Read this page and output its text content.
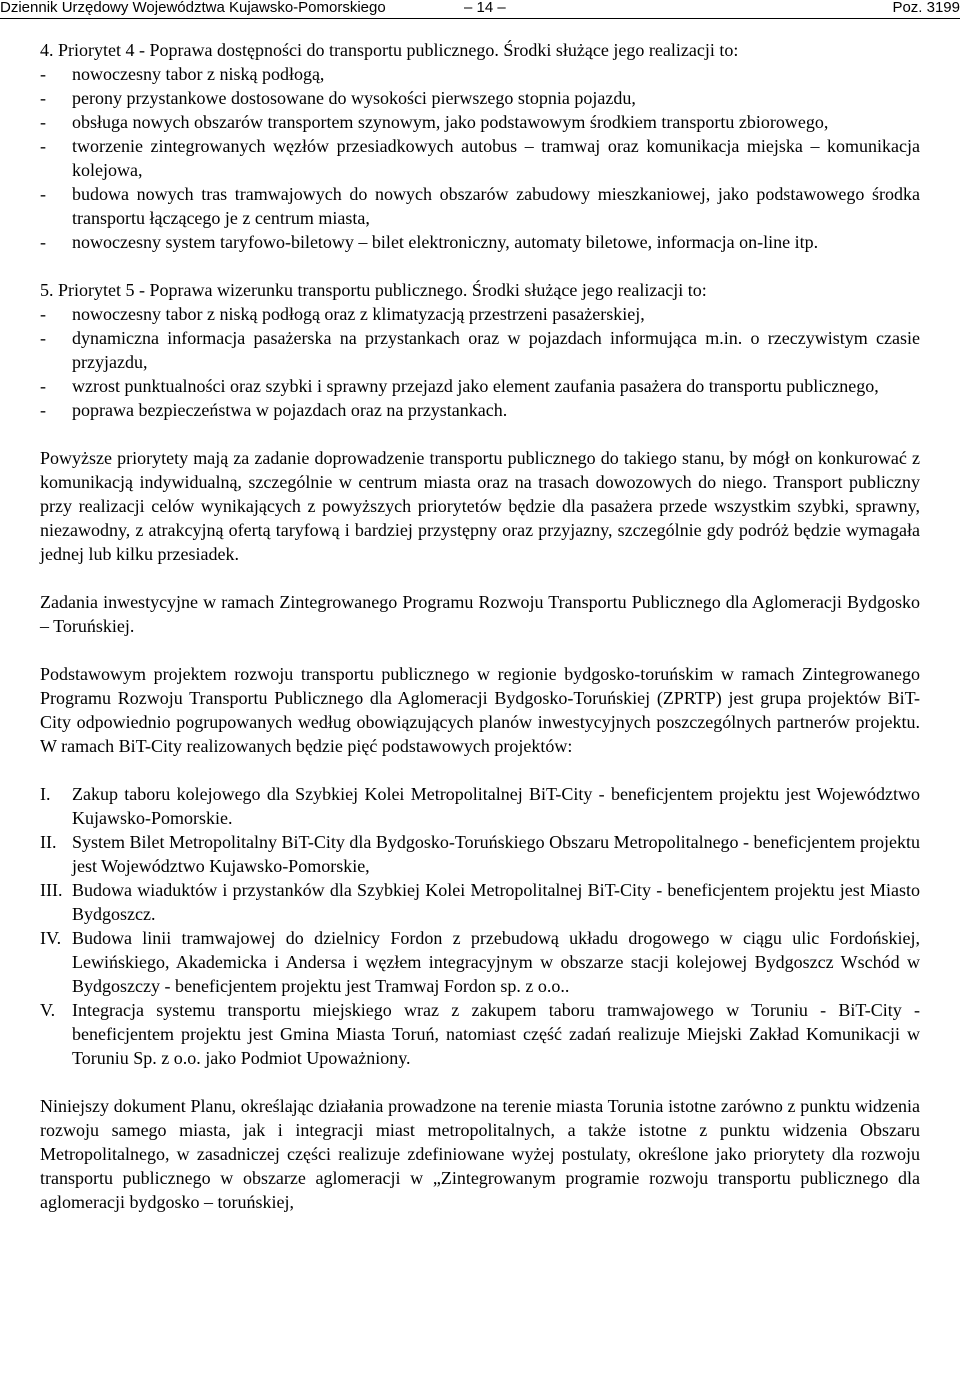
Dziennik Urzędowy Województwa Kujawsko-Pomorskiego	– 14 –	Poz. 3199
4. Priorytet 4 - Poprawa dostępności do transportu publicznego. Środki służące jego realizacji to:
- nowoczesny tabor z niską podłogą,
- perony przystankowe dostosowane do wysokości pierwszego stopnia pojazdu,
- obsługa nowych obszarów transportem szynowym, jako podstawowym środkiem transportu zbiorowego,
- tworzenie zintegrowanych węzłów przesiadkowych autobus – tramwaj oraz komunikacja miejska – komunikacja kolejowa,
- budowa nowych tras tramwajowych do nowych obszarów zabudowy mieszkaniowej, jako podstawowego środka transportu łączącego je z centrum miasta,
- nowoczesny system taryfowo-biletowy – bilet elektroniczny, automaty biletowe, informacja on-line itp.
5. Priorytet 5 - Poprawa wizerunku transportu publicznego. Środki służące jego realizacji to:
- nowoczesny tabor z niską podłogą oraz z klimatyzacją przestrzeni pasażerskiej,
- dynamiczna informacja pasażerska na przystankach oraz w pojazdach informująca m.in. o rzeczywistym czasie przyjazdu,
- wzrost punktualności oraz szybki i sprawny przejazd jako element zaufania pasażera do transportu publicznego,
- poprawa bezpieczeństwa w pojazdach oraz na przystankach.

Powyższe priorytety mają za zadanie doprowadzenie transportu publicznego do takiego stanu, by mógł on konkurować z komunikacją indywidualną, szczególnie w centrum miasta oraz na trasach dowozowych do niego. Transport publiczny przy realizacji celów wynikających z powyższych priorytetów będzie dla pasażera przede wszystkim szybki, sprawny, niezawodny, z atrakcyjną ofertą taryfową i bardziej przystępny oraz przyjazny, szczególnie gdy podróż będzie wymagała jednej lub kilku przesiadek.

Zadania inwestycyjne w ramach Zintegrowanego Programu Rozwoju Transportu Publicznego dla Aglomeracji Bydgosko – Toruńskiej.

Podstawowym projektem rozwoju transportu publicznego w regionie bydgosko-toruńskim w ramach Zintegrowanego Programu Rozwoju Transportu Publicznego dla Aglomeracji Bydgosko-Toruńskiej (ZPRTP) jest grupa projektów BiT-City odpowiednio pogrupowanych według obowiązujących planów inwestycyjnych poszczególnych partnerów projektu. W ramach BiT-City realizowanych będzie pięć podstawowych projektów:

I. Zakup taboru kolejowego dla Szybkiej Kolei Metropolitalnej BiT-City - beneficjentem projektu jest Województwo Kujawsko-Pomorskie.
II. System Bilet Metropolitalny BiT-City dla Bydgosko-Toruńskiego Obszaru Metropolitalnego - beneficjentem projektu jest Województwo Kujawsko-Pomorskie,
III. Budowa wiaduktów i przystanków dla Szybkiej Kolei Metropolitalnej BiT-City - beneficjentem projektu jest Miasto Bydgoszcz.
IV. Budowa linii tramwajowej do dzielnicy Fordon z przebudową układu drogowego w ciągu ulic Fordońskiej, Lewińskiego, Akademicka i Andersa i węzłem integracyjnym w obszarze stacji kolejowej Bydgoszcz Wschód w Bydgoszczy - beneficjentem projektu jest Tramwaj Fordon sp. z o.o..
V. Integracja systemu transportu miejskiego wraz z zakupem taboru tramwajowego w Toruniu - BiT-City - beneficjentem projektu jest Gmina Miasta Toruń, natomiast część zadań realizuje Miejski Zakład Komunikacji w Toruniu Sp. z o.o. jako Podmiot Upoważniony.

Niniejszy dokument Planu, określając działania prowadzone na terenie miasta Torunia istotne zarówno z punktu widzenia rozwoju samego miasta, jak i integracji miast metropolitalnych, a także istotne z punktu widzenia Obszaru Metropolitalnego, w zasadniczej części realizuje zdefiniowane wyżej postulaty, określone jako priorytety dla rozwoju transportu publicznego w obszarze aglomeracji w „Zintegrowanym programie rozwoju transportu publicznego dla aglomeracji bydgosko – toruńskiej,
